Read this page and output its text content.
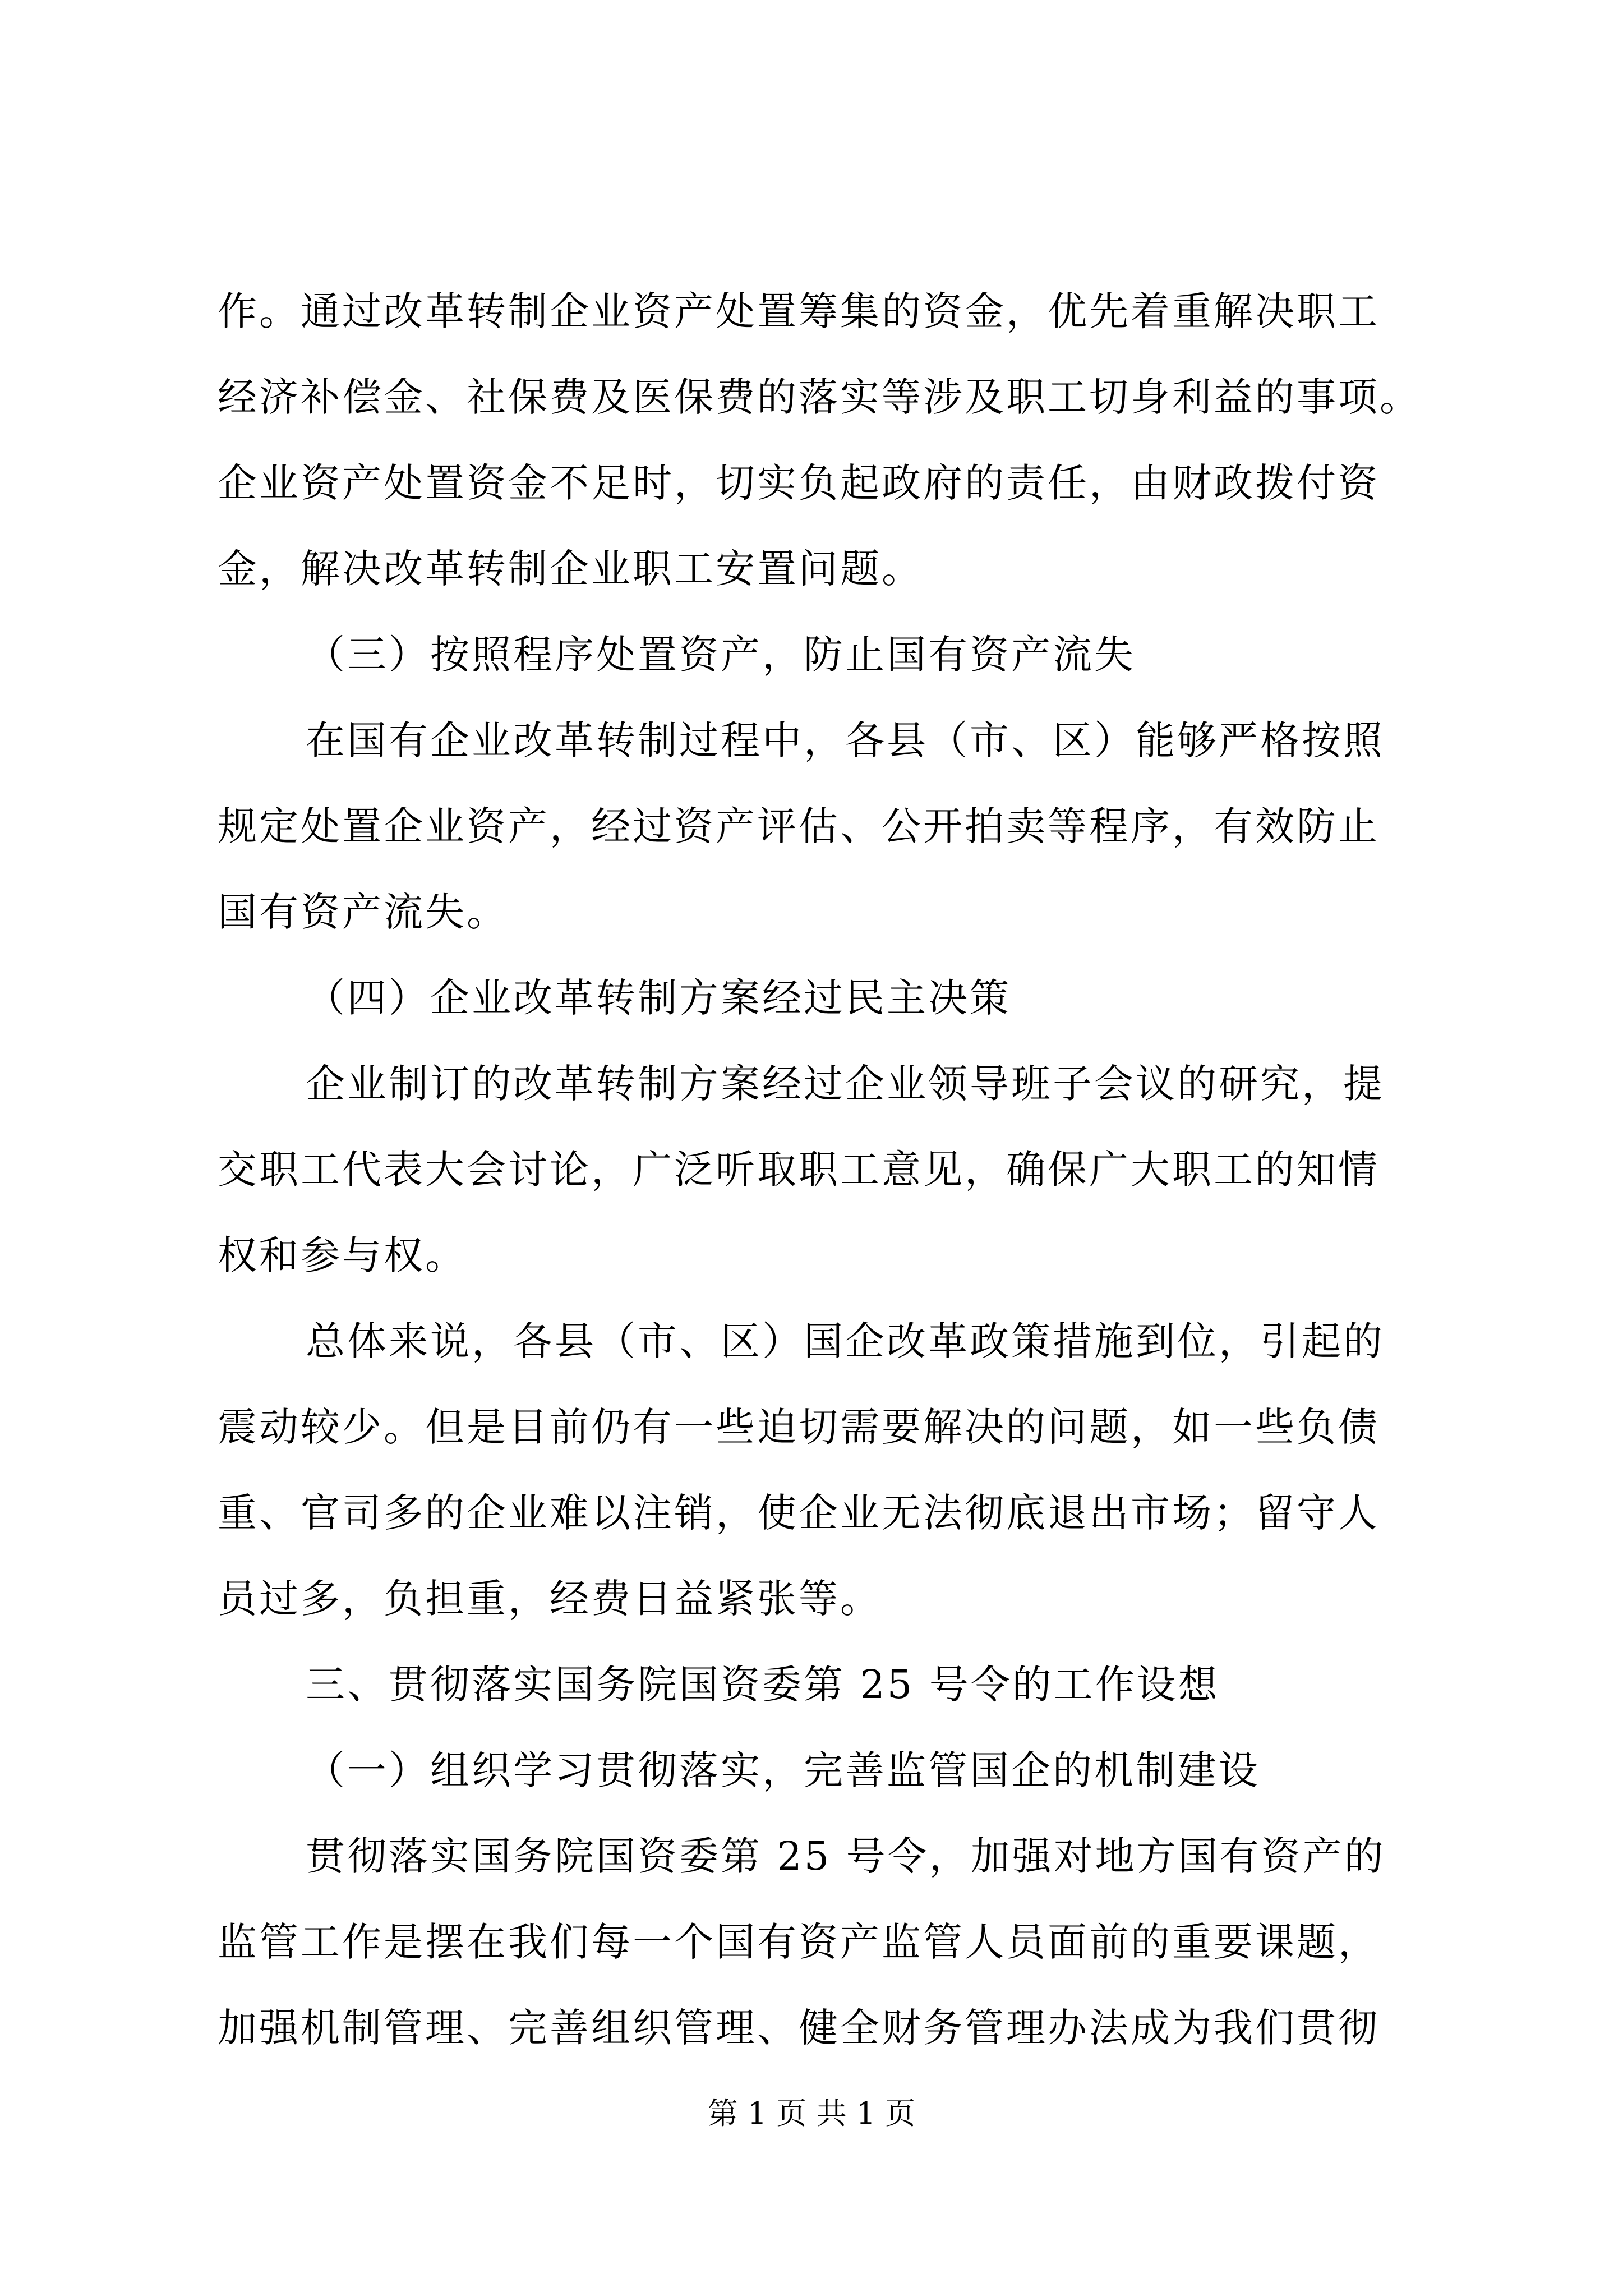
作。通过改革转制企业资产处置筹集的资金，优先着重解决职工
经济补偿金、社保费及医保费的落实等涉及职工切身利益的事项。
企业资产处置资金不足时，切实负起政府的责任，由财政拨付资
金，解决改革转制企业职工安置问题。
（三）按照程序处置资产，防止国有资产流失
在国有企业改革转制过程中，各县（市、区）能够严格按照
规定处置企业资产，经过资产评估、公开拍卖等程序，有效防止
国有资产流失。
（四）企业改革转制方案经过民主决策
企业制订的改革转制方案经过企业领导班子会议的研究，提
交职工代表大会讨论，广泛听取职工意见，确保广大职工的知情
权和参与权。
总体来说，各县（市、区）国企改革政策措施到位，引起的
震动较少。但是目前仍有一些迫切需要解决的问题，如一些负债
重、官司多的企业难以注销，使企业无法彻底退出市场；留守人
员过多，负担重，经费日益紧张等。
三、贯彻落实国务院国资委第 25 号令的工作设想
（一）组织学习贯彻落实，完善监管国企的机制建设
贯彻落实国务院国资委第 25 号令，加强对地方国有资产的
监管工作是摆在我们每一个国有资产监管人员面前的重要课题，
加强机制管理、完善组织管理、健全财务管理办法成为我们贯彻
第 1 页 共 1 页
